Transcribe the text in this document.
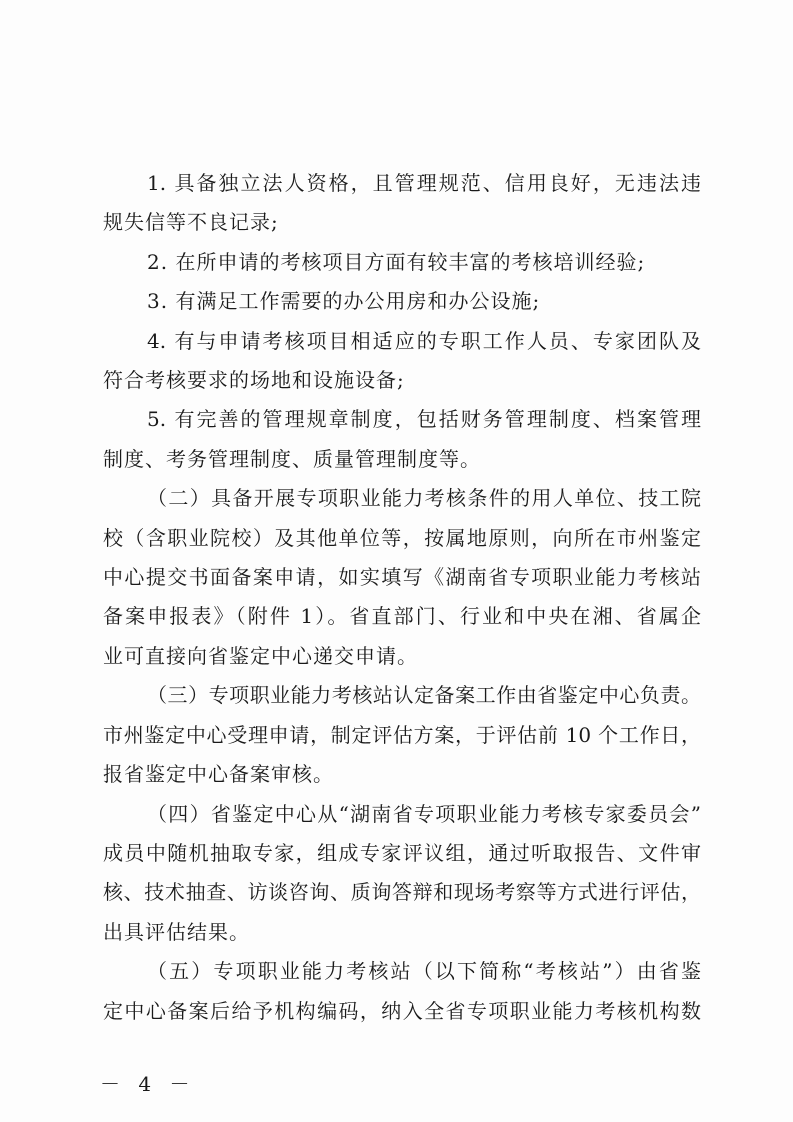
1. 具备独立法人资格，且管理规范、信用良好，无违法违
规失信等不良记录;
2. 在所申请的考核项目方面有较丰富的考核培训经验;
3. 有满足工作需要的办公用房和办公设施;
4. 有与申请考核项目相适应的专职工作人员、专家团队及
符合考核要求的场地和设施设备;
5. 有完善的管理规章制度，包括财务管理制度、档案管理
制度、考务管理制度、质量管理制度等。
（二）具备开展专项职业能力考核条件的用人单位、技工院
校（含职业院校）及其他单位等，按属地原则，向所在市州鉴定
中心提交书面备案申请，如实填写《湖南省专项职业能力考核站
备案申报表》（附件 1）。省直部门、行业和中央在湘、省属企
业可直接向省鉴定中心递交申请。
（三）专项职业能力考核站认定备案工作由省鉴定中心负责。
市州鉴定中心受理申请，制定评估方案，于评估前 10 个工作日，
报省鉴定中心备案审核。
（四）省鉴定中心从“湖南省专项职业能力考核专家委员会”
成员中随机抽取专家，组成专家评议组，通过听取报告、文件审
核、技术抽查、访谈咨询、质询答辩和现场考察等方式进行评估，
出具评估结果。
（五）专项职业能力考核站（以下简称“考核站”）由省鉴
定中心备案后给予机构编码，纳入全省专项职业能力考核机构数
－ 4 －
